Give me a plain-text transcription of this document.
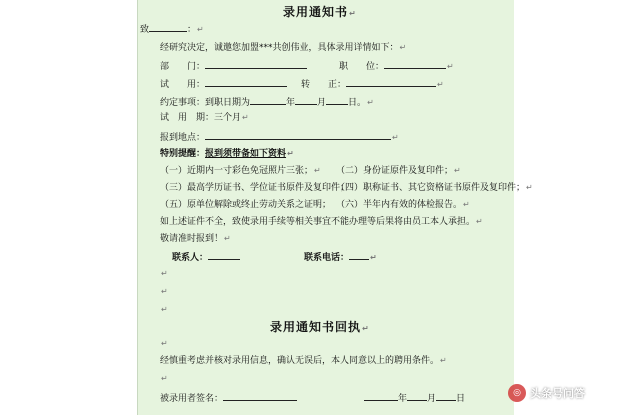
录用通知书↵
致	：↵
经研究决定，诚邀您加盟***共创伟业，具体录用详情如下：↵
部　　门：	职　　位：	↵
试　　用：	转　　正：	↵
约定事项：到职日期为	年 月 日。↵
试　用　期：三个月↵
报到地点：	↵
特别提醒：报到须带备如下资料↵
（一）近期内一寸彩色免冠照片三张；↵ （二）身份证原件及复印件；↵
（三）最高学历证书、学位证书原件及复印件；
（四）职称证书、其它资格证书原件及复印件；↵
（五）原单位解除或终止劳动关系之证明； （六）半年内有效的体检报告。↵
如上述证件不全，致使录用手续等相关事宜不能办理等后果将由员工本人承担。↵
敬请准时报到！↵
联系人：	联系电话：	↵
↵
↵
↵
录用通知书回执↵
↵
经慎重考虑并核对录用信息，确认无误后，本人同意以上的聘用条件。↵
↵
被录用者签名：	年 月 日
◎ 头条号问答
